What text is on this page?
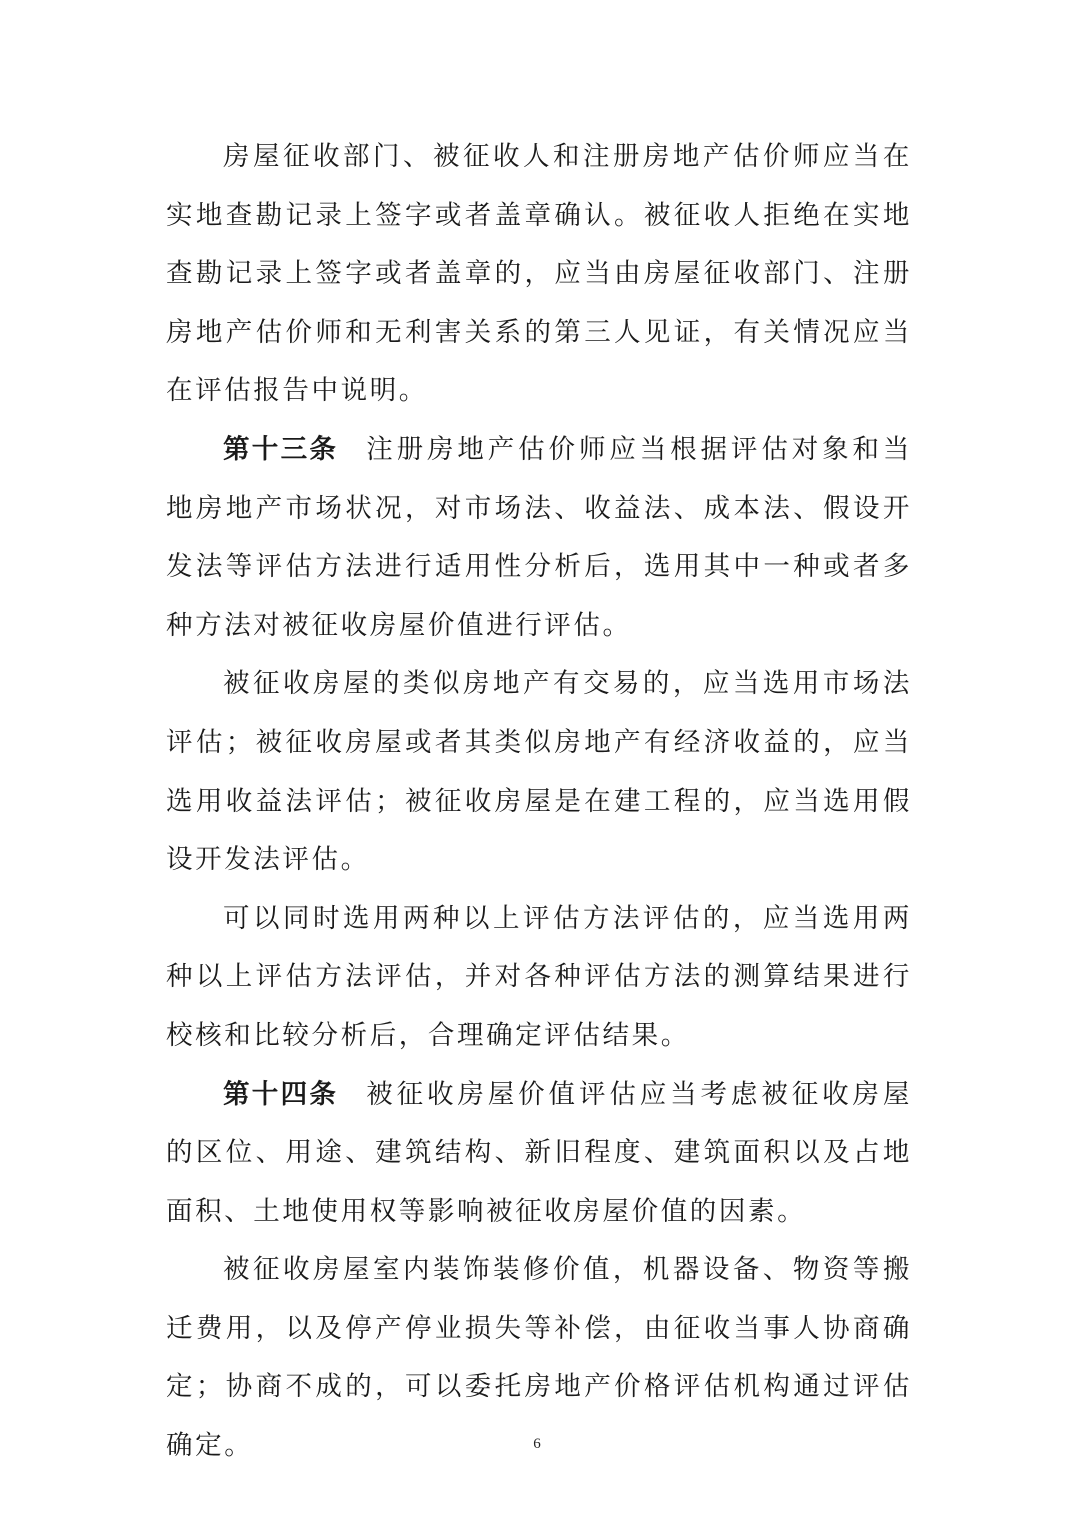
房屋征收部门、被征收人和注册房地产估价师应当在实地查勘记录上签字或者盖章确认。被征收人拒绝在实地查勘记录上签字或者盖章的，应当由房屋征收部门、注册房地产估价师和无利害关系的第三人见证，有关情况应当在评估报告中说明。

第十三条 注册房地产估价师应当根据评估对象和当地房地产市场状况，对市场法、收益法、成本法、假设开发法等评估方法进行适用性分析后，选用其中一种或者多种方法对被征收房屋价值进行评估。

被征收房屋的类似房地产有交易的，应当选用市场法评估；被征收房屋或者其类似房地产有经济收益的，应当选用收益法评估；被征收房屋是在建工程的，应当选用假设开发法评估。

可以同时选用两种以上评估方法评估的，应当选用两种以上评估方法评估，并对各种评估方法的测算结果进行校核和比较分析后，合理确定评估结果。

第十四条 被征收房屋价值评估应当考虑被征收房屋的区位、用途、建筑结构、新旧程度、建筑面积以及占地面积、土地使用权等影响被征收房屋价值的因素。

被征收房屋室内装饰装修价值，机器设备、物资等搬迁费用，以及停产停业损失等补偿，由征收当事人协商确定；协商不成的，可以委托房地产价格评估机构通过评估确定。	6
